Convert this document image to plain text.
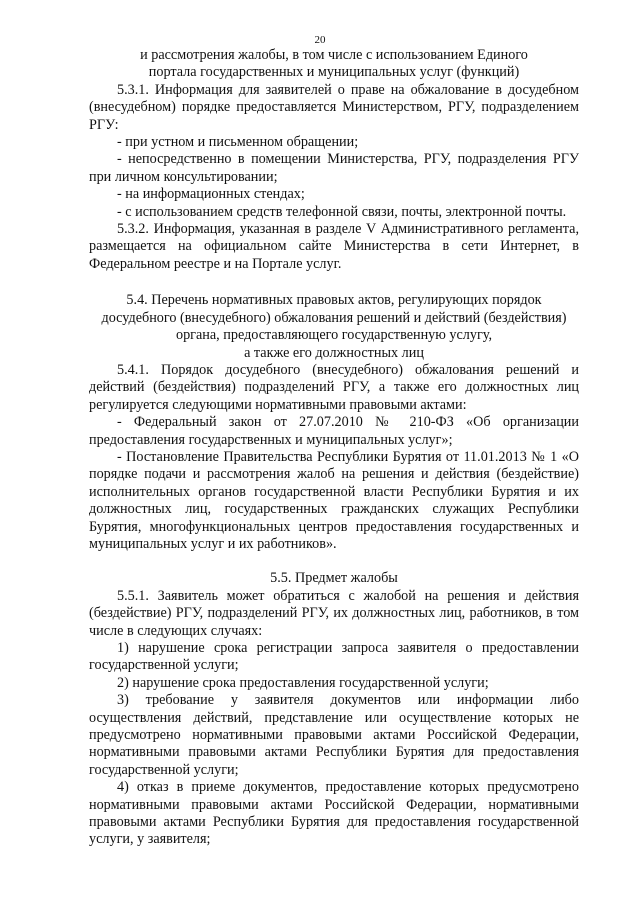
20

и рассмотрения жалобы, в том числе с использованием Единого

портала государственных и муниципальных услуг (функций)

5.3.1. Информация для заявителей о праве на обжалование в досудебном (внесудебном) порядке предоставляется Министерством, РГУ, подразделением РГУ:

- при устном и письменном обращении;

- непосредственно в помещении Министерства, РГУ, подразделения РГУ при личном консультировании;

- на информационных стендах;

- с использованием средств телефонной связи, почты, электронной почты.

5.3.2. Информация, указанная в разделе V Административного регламента, размещается на официальном сайте Министерства в сети Интернет, в Федеральном реестре и на Портале услуг.

5.4. Перечень нормативных правовых актов, регулирующих порядок

досудебного (внесудебного) обжалования решений и действий (бездействия)

органа, предоставляющего государственную услугу,

а также его должностных лиц

5.4.1. Порядок досудебного (внесудебного) обжалования решений и действий (бездействия) подразделений РГУ, а также его должностных лиц регулируется следующими нормативными правовыми актами:

- Федеральный закон от 27.07.2010 № 210-ФЗ «Об организации предоставления государственных и муниципальных услуг»;

- Постановление Правительства Республики Бурятия от 11.01.2013 № 1 «О порядке подачи и рассмотрения жалоб на решения и действия (бездействие) исполнительных органов государственной власти Республики Бурятия и их должностных лиц, государственных гражданских служащих Республики Бурятия, многофункциональных центров предоставления государственных и муниципальных услуг и их работников».

5.5. Предмет жалобы

5.5.1. Заявитель может обратиться с жалобой на решения и действия (бездействие) РГУ, подразделений РГУ, их должностных лиц, работников, в том числе в следующих случаях:

1) нарушение срока регистрации запроса заявителя о предоставлении государственной услуги;

2) нарушение срока предоставления государственной услуги;

3) требование у заявителя документов или информации либо осуществления действий, представление или осуществление которых не предусмотрено нормативными правовыми актами Российской Федерации, нормативными правовыми актами Республики Бурятия для предоставления государственной услуги;

4) отказ в приеме документов, предоставление которых предусмотрено нормативными правовыми актами Российской Федерации, нормативными правовыми актами Республики Бурятия для предоставления государственной услуги, у заявителя;
